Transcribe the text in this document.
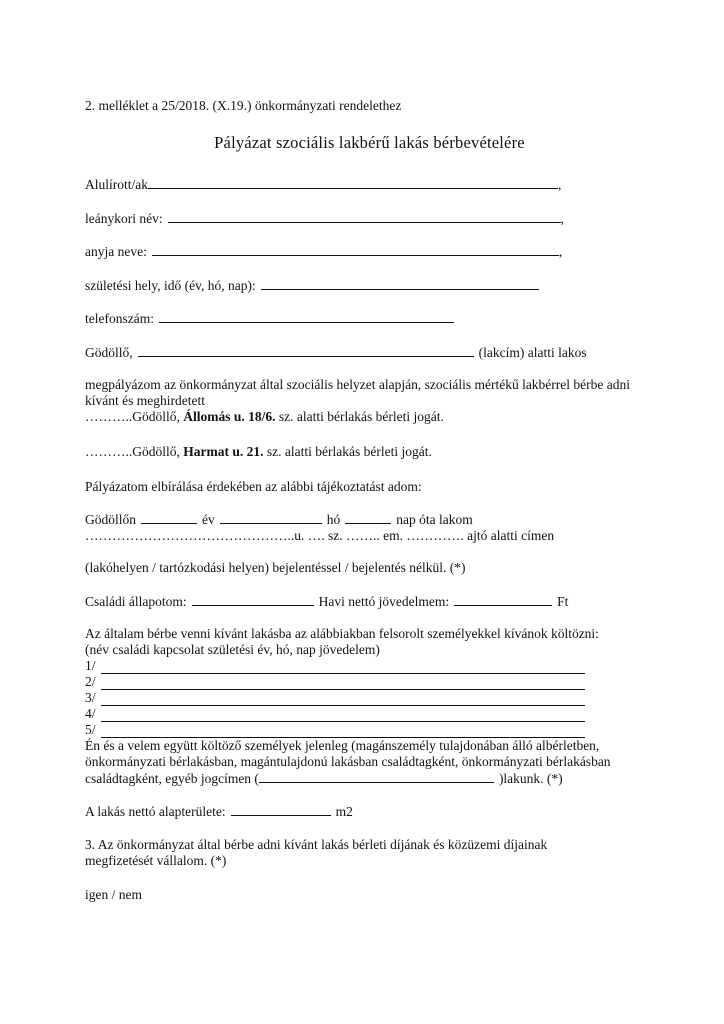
2. melléklet a 25/2018. (X.19.) önkormányzati rendelethez

Pályázat szociális lakbérű lakás bérbevételére
Alulírott/ak	,
leánykori név:	,
anyja neve:	,
születési hely, idő (év, hó, nap):
telefonszám:
Gödöllő,	(lakcím) alatti lakos

megpályázom az önkormányzat által szociális helyzet alapján, szociális mértékű lakbérrel bérbe adni kívánt és meghirdetett
………..Gödöllő, Állomás u. 18/6. sz. alatti bérlakás bérleti jogát.

………..Gödöllő, Harmat u. 21. sz. alatti bérlakás bérleti jogát.

Pályázatom elbírálása érdekében az alábbi tájékoztatást adom:

Gödöllőn	év	hó	nap óta lakom

………………………………………..u. …. sz. …….. em. …………. ajtó alatti címen

(lakóhelyen / tartózkodási helyen) bejelentéssel / bejelentés nélkül. (*)

Családi állapotom:	Havi nettó jövedelmem:	Ft

Az általam bérbe venni kívánt lakásba az alábbiakban felsorolt személyekkel kívánok költözni:
(név családi kapcsolat születési év, hó, nap jövedelem)

1/
2/
3/
4/
5/

Én és a velem együtt költöző személyek jelenleg (magánszemély tulajdonában álló albérletben, önkormányzati bérlakásban, magántulajdonú lakásban családtagként, önkormányzati bérlakásban családtagként, egyéb jogcímen (	)lakunk. (*)

A lakás nettó alapterülete:	m2

3. Az önkormányzat által bérbe adni kívánt lakás bérleti díjának és közüzemi díjainak megfizetését vállalom. (*)

igen / nem
